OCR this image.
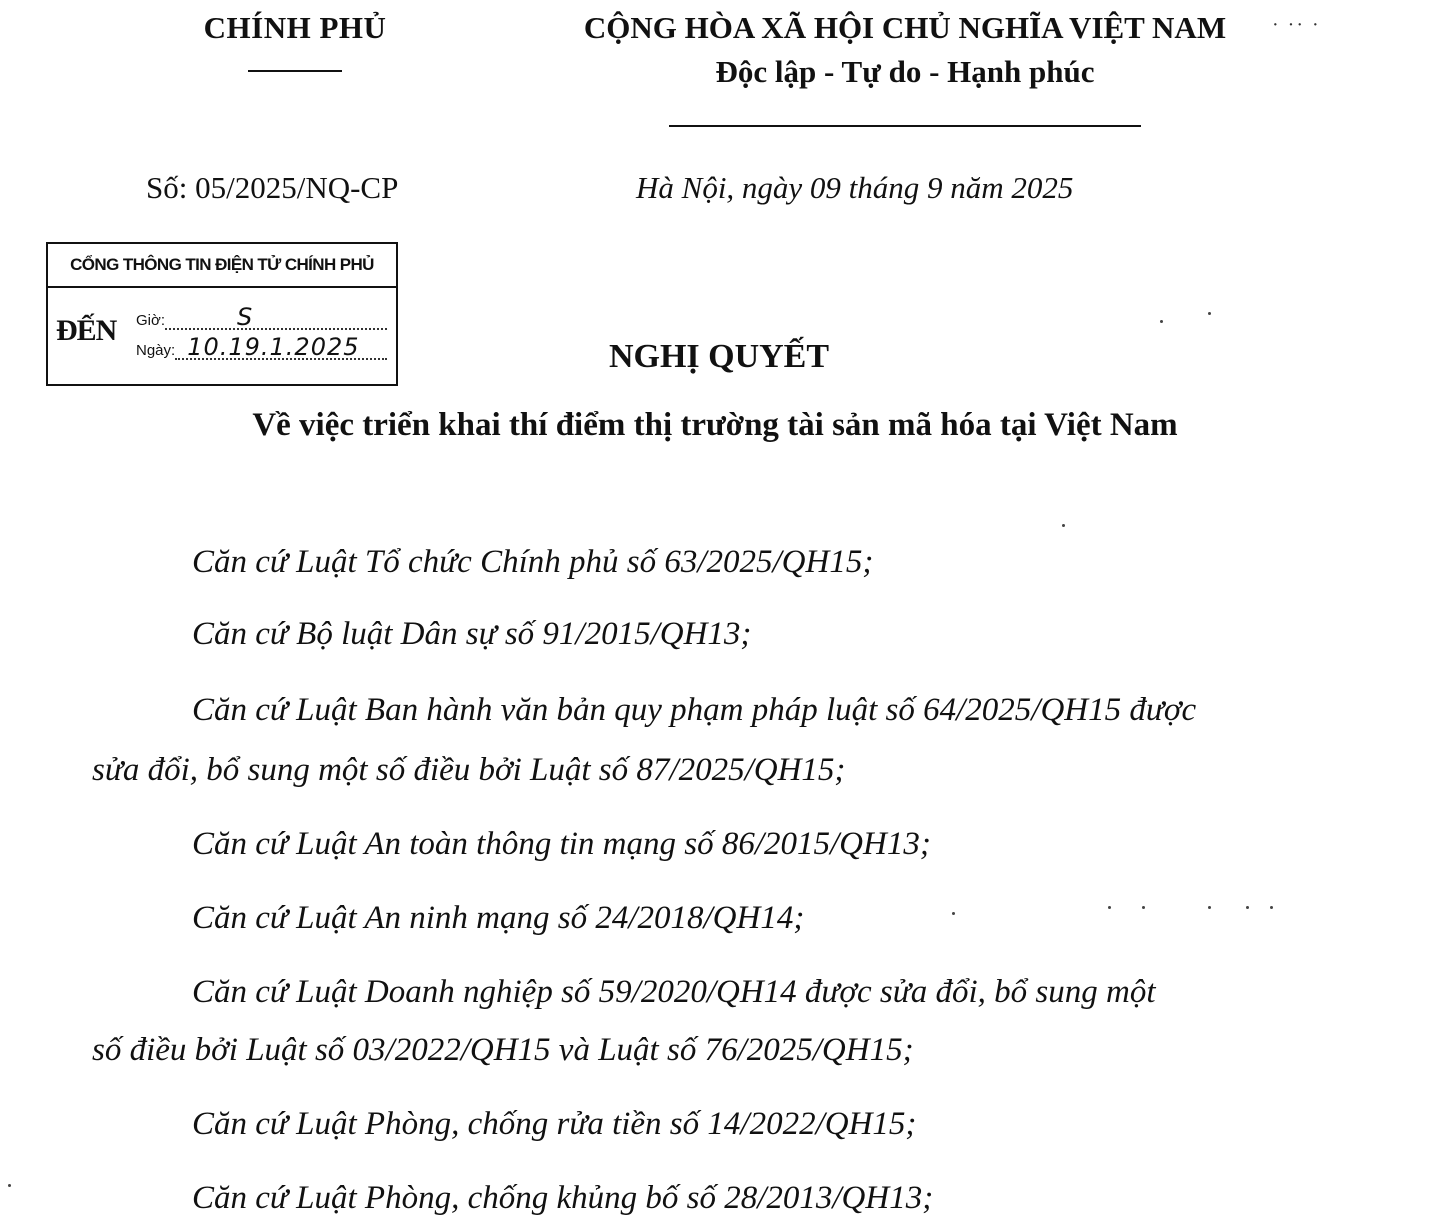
CHÍNH PHỦ	CỘNG HÒA XÃ HỘI CHỦ NGHĨA VIỆT NAM	· ·· ·
Độc lập - Tự do - Hạnh phúc
Số: 05/2025/NQ-CP	Hà Nội, ngày 09 tháng 9 năm 2025
CỔNG THÔNG TIN ĐIỆN TỬ CHÍNH PHỦ
ĐẾN Giờ:	S
Ngày: 10.19.1.2025	NGHỊ QUYẾT
Về việc triển khai thí điểm thị trường tài sản mã hóa tại Việt Nam
Căn cứ Luật Tổ chức Chính phủ số 63/2025/QH15;
Căn cứ Bộ luật Dân sự số 91/2015/QH13;
Căn cứ Luật Ban hành văn bản quy phạm pháp luật số 64/2025/QH15 được
sửa đổi, bổ sung một số điều bởi Luật số 87/2025/QH15;
Căn cứ Luật An toàn thông tin mạng số 86/2015/QH13;
Căn cứ Luật An ninh mạng số 24/2018/QH14;
Căn cứ Luật Doanh nghiệp số 59/2020/QH14 được sửa đổi, bổ sung một
số điều bởi Luật số 03/2022/QH15 và Luật số 76/2025/QH15;
Căn cứ Luật Phòng, chống rửa tiền số 14/2022/QH15;
Căn cứ Luật Phòng, chống khủng bố số 28/2013/QH13;
